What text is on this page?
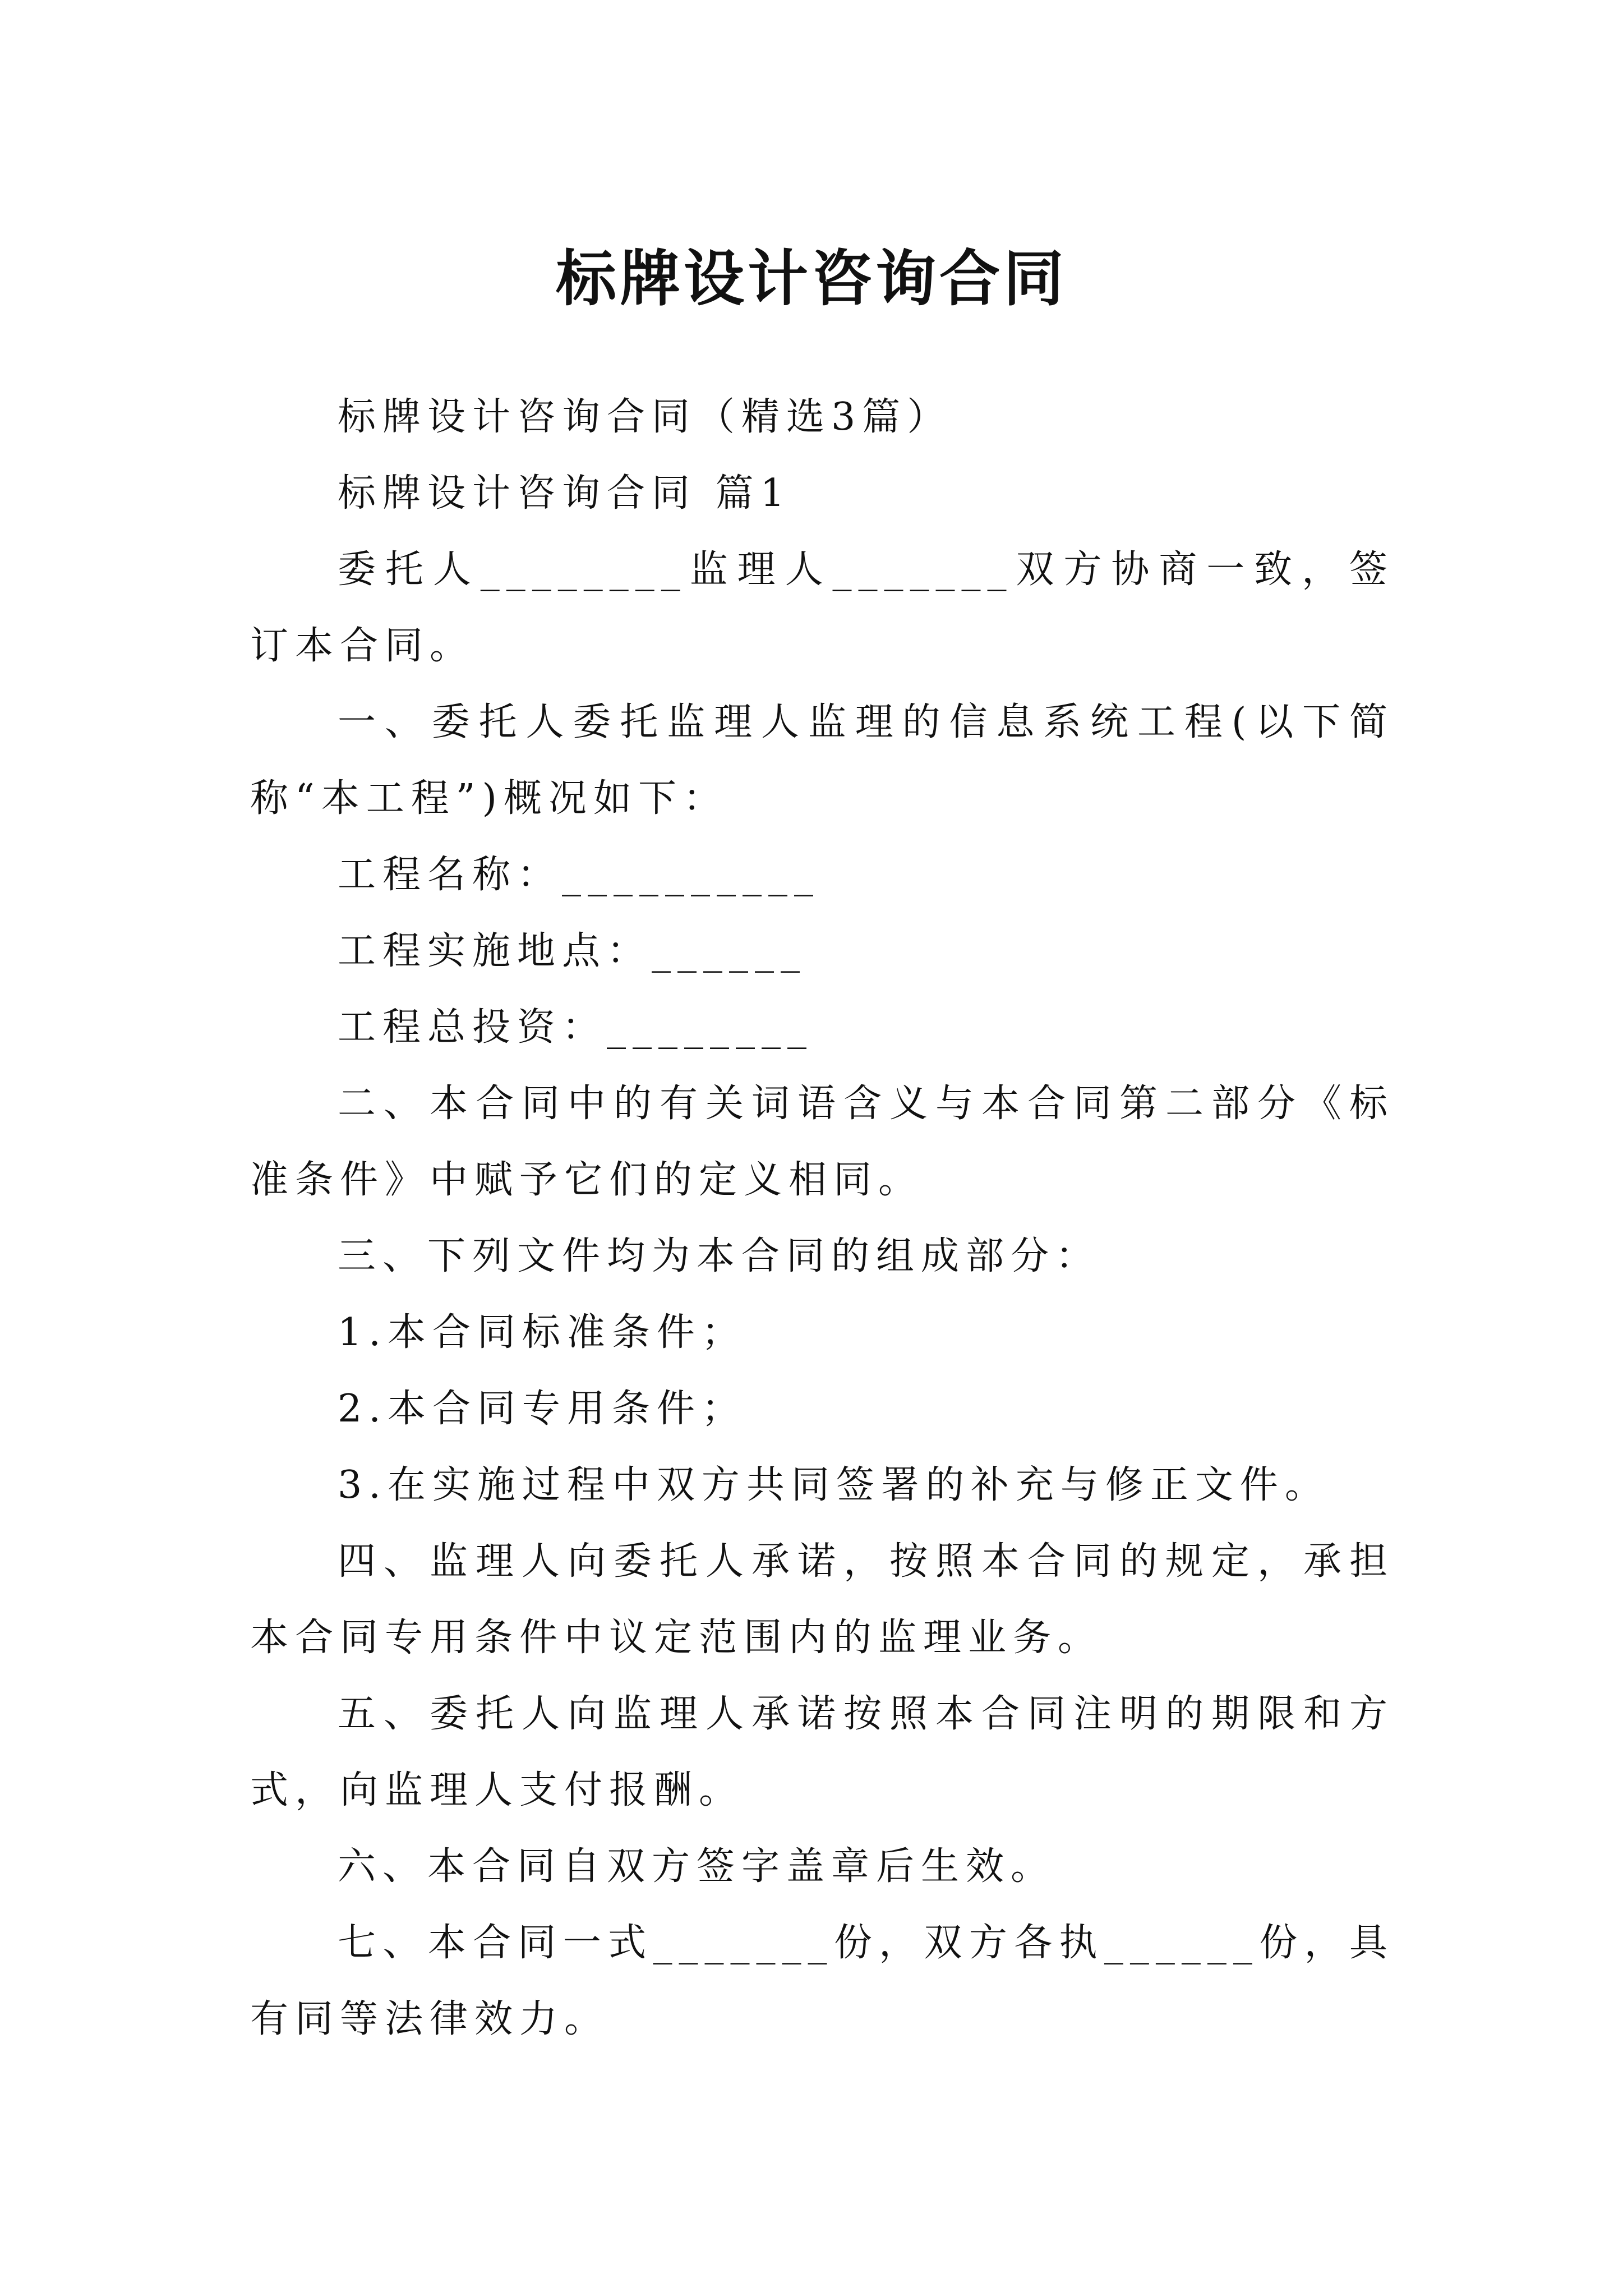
标牌设计咨询合同

标牌设计咨询合同（精选3篇）

标牌设计咨询合同 篇1

委托人________监理人_______双方协商一致，签订本合同。

一、委托人委托监理人监理的信息系统工程(以下简称“本工程”)概况如下：

工程名称：__________

工程实施地点：______

工程总投资：________

二、本合同中的有关词语含义与本合同第二部分《标准条件》中赋予它们的定义相同。

三、下列文件均为本合同的组成部分：

1.本合同标准条件；

2.本合同专用条件；

3.在实施过程中双方共同签署的补充与修正文件。

四、监理人向委托人承诺，按照本合同的规定，承担本合同专用条件中议定范围内的监理业务。

五、委托人向监理人承诺按照本合同注明的期限和方式，向监理人支付报酬。

六、本合同自双方签字盖章后生效。

七、本合同一式_______份，双方各执______份，具有同等法律效力。
